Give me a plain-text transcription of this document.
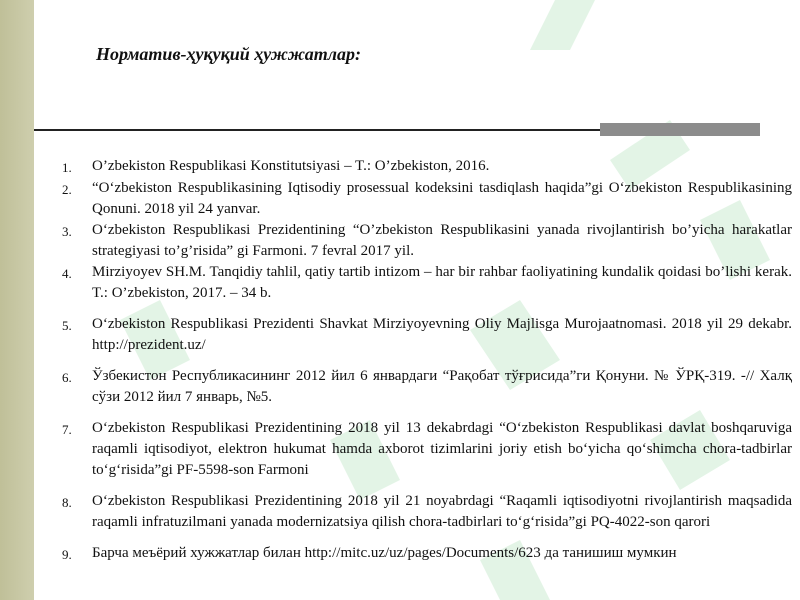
Норматив-ҳуқуқий ҳужжатлар:
1.	O’zbekiston Respublikasi Konstitutsiyasi – T.: O’zbekiston, 2016.
2.	“O‘zbekiston Respublikasining Iqtisodiy prosessual kodeksini tasdiqlash haqida”gi O‘zbekiston Respublikasining Qonuni. 2018 yil 24 yanvar.
3.	O‘zbekiston Respublikasi Prezidentining “O’zbekiston Respublikasini yanada rivojlantirish bo’yicha harakatlar strategiyasi to’g’risida” gi Farmoni. 7 fevral 2017 yil.
4.	Mirziyoyev SH.M. Tanqidiy tahlil, qatiy tartib intizom – har bir rahbar faoliyatining kundalik qoidasi bo’lishi kerak. T.: O’zbekiston, 2017. – 34 b.
5.	O‘zbekiston Respublikasi Prezidenti Shavkat Mirziyoyevning Oliy Majlisga Murojaatnomasi. 2018 yil 29 dekabr. http://prezident.uz/
6.	Ўзбекистон Республикасининг 2012 йил 6 январдаги “Рақобат тўғрисида”ги Қонуни. № ЎРҚ-319. -// Халқ сўзи 2012 йил 7 январь, №5.
7.	O‘zbekiston Respublikasi Prezidentining 2018 yil 13 dekabrdagi “O‘zbekiston Respublikasi davlat boshqaruviga raqamli iqtisodiyot, elektron hukumat hamda axborot tizimlarini joriy etish bo‘yicha qo‘shimcha chora-tadbirlar to‘g‘risida”gi PF-5598-son Farmoni
8.	O‘zbekiston Respublikasi Prezidentining 2018 yil 21 noyabrdagi “Raqamli iqtisodiyotni rivojlantirish maqsadida raqamli infratuzilmani yanada modernizatsiya qilish chora-tadbirlari to‘g‘risida”gi PQ-4022-son qarori
9.	Барча меъёрий хужжатлар билан http://mitc.uz/uz/pages/Documents/623 да танишиш мумкин
